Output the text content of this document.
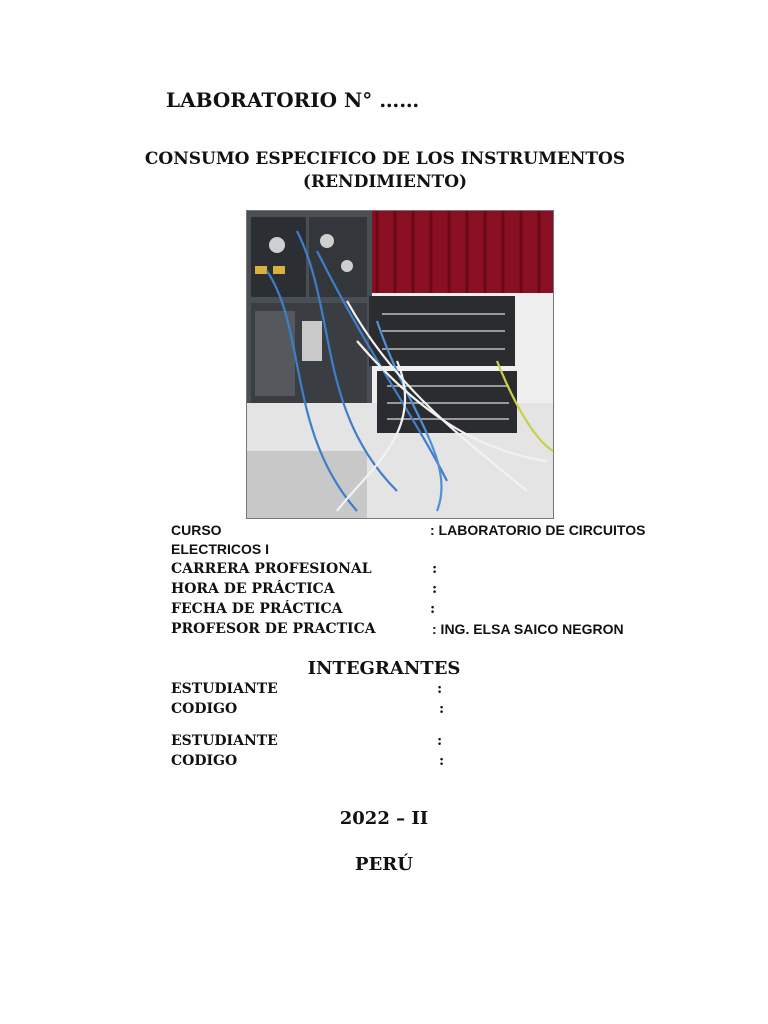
LABORATORIO N° ……
CONSUMO ESPECIFICO DE LOS INSTRUMENTOS
(RENDIMIENTO)
CURSO	: LABORATORIO DE CIRCUITOS
ELECTRICOS I
CARRERA PROFESIONAL	:
HORA DE PRÁCTICA	:
FECHA DE PRÁCTICA	:
PROFESOR DE PRACTICA	: ING. ELSA SAICO NEGRON
INTEGRANTES
ESTUDIANTE	:
CODIGO	:
ESTUDIANTE	:
CODIGO	:
2022 – II
PERÚ
